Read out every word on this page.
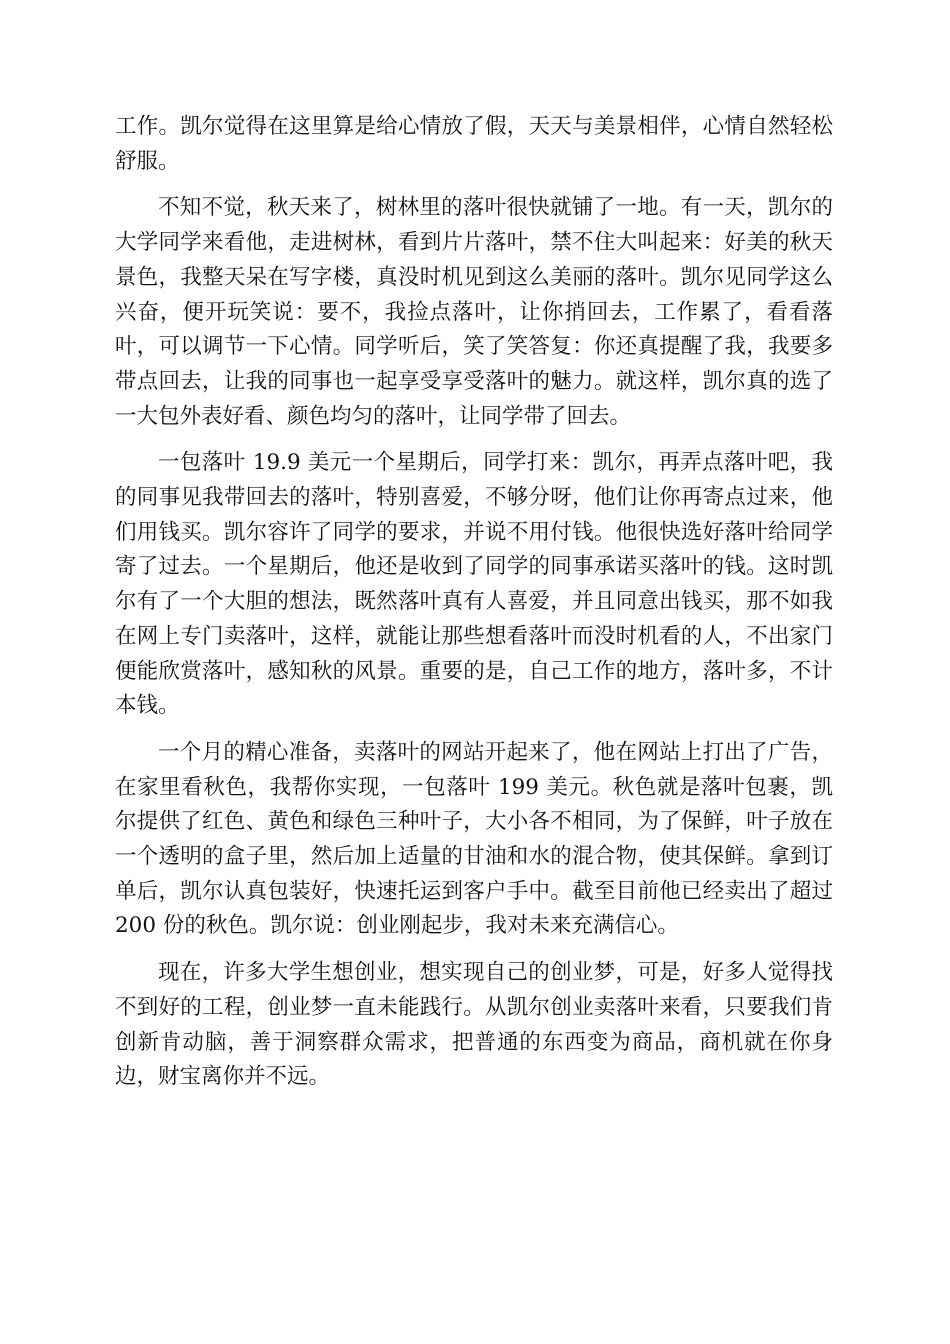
工作。凯尔觉得在这里算是给心情放了假，天天与美景相伴，心情自然轻松舒服。

不知不觉，秋天来了，树林里的落叶很快就铺了一地。有一天，凯尔的大学同学来看他，走进树林，看到片片落叶，禁不住大叫起来：好美的秋天景色，我整天呆在写字楼，真没时机见到这么美丽的落叶。凯尔见同学这么兴奋，便开玩笑说：要不，我捡点落叶，让你捎回去，工作累了，看看落叶，可以调节一下心情。同学听后，笑了笑答复：你还真提醒了我，我要多带点回去，让我的同事也一起享受享受落叶的魅力。就这样，凯尔真的选了一大包外表好看、颜色均匀的落叶，让同学带了回去。

一包落叶 19.9 美元一个星期后，同学打来：凯尔，再弄点落叶吧，我的同事见我带回去的落叶，特别喜爱，不够分呀，他们让你再寄点过来，他们用钱买。凯尔容许了同学的要求，并说不用付钱。他很快选好落叶给同学寄了过去。一个星期后，他还是收到了同学的同事承诺买落叶的钱。这时凯尔有了一个大胆的想法，既然落叶真有人喜爱，并且同意出钱买，那不如我在网上专门卖落叶，这样，就能让那些想看落叶而没时机看的人，不出家门便能欣赏落叶，感知秋的风景。重要的是，自己工作的地方，落叶多，不计本钱。

一个月的精心准备，卖落叶的网站开起来了，他在网站上打出了广告，在家里看秋色，我帮你实现，一包落叶 199 美元。秋色就是落叶包裹，凯尔提供了红色、黄色和绿色三种叶子，大小各不相同，为了保鲜，叶子放在一个透明的盒子里，然后加上适量的甘油和水的混合物，使其保鲜。拿到订单后，凯尔认真包装好，快速托运到客户手中。截至目前他已经卖出了超过 200 份的秋色。凯尔说：创业刚起步，我对未来充满信心。

现在，许多大学生想创业，想实现自己的创业梦，可是，好多人觉得找不到好的工程，创业梦一直未能践行。从凯尔创业卖落叶来看，只要我们肯创新肯动脑，善于洞察群众需求，把普通的东西变为商品，商机就在你身边，财宝离你并不远。
